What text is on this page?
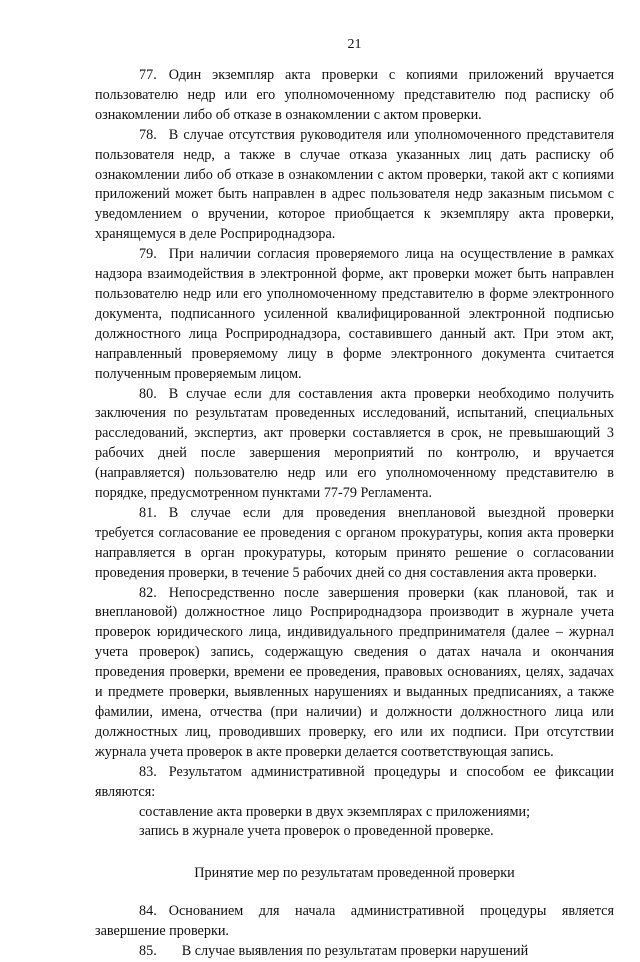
21

77. Один экземпляр акта проверки с копиями приложений вручается пользователю недр или его уполномоченному представителю под расписку об ознакомлении либо об отказе в ознакомлении с актом проверки.

78. В случае отсутствия руководителя или уполномоченного представителя пользователя недр, а также в случае отказа указанных лиц дать расписку об ознакомлении либо об отказе в ознакомлении с актом проверки, такой акт с копиями приложений может быть направлен в адрес пользователя недр заказным письмом с уведомлением о вручении, которое приобщается к экземпляру акта проверки, хранящемуся в деле Росприроднадзора.

79. При наличии согласия проверяемого лица на осуществление в рамках надзора взаимодействия в электронной форме, акт проверки может быть направлен пользователю недр или его уполномоченному представителю в форме электронного документа, подписанного усиленной квалифицированной электронной подписью должностного лица Росприроднадзора, составившего данный акт. При этом акт, направленный проверяемому лицу в форме электронного документа считается полученным проверяемым лицом.

80. В случае если для составления акта проверки необходимо получить заключения по результатам проведенных исследований, испытаний, специальных расследований, экспертиз, акт проверки составляется в срок, не превышающий 3 рабочих дней после завершения мероприятий по контролю, и вручается (направляется) пользователю недр или его уполномоченному представителю в порядке, предусмотренном пунктами 77-79 Регламента.

81. В случае если для проведения внеплановой выездной проверки требуется согласование ее проведения с органом прокуратуры, копия акта проверки направляется в орган прокуратуры, которым принято решение о согласовании проведения проверки, в течение 5 рабочих дней со дня составления акта проверки.

82. Непосредственно после завершения проверки (как плановой, так и внеплановой) должностное лицо Росприроднадзора производит в журнале учета проверок юридического лица, индивидуального предпринимателя (далее – журнал учета проверок) запись, содержащую сведения о датах начала и окончания проведения проверки, времени ее проведения, правовых основаниях, целях, задачах и предмете проверки, выявленных нарушениях и выданных предписаниях, а также фамилии, имена, отчества (при наличии) и должности должностного лица или должностных лиц, проводивших проверку, его или их подписи. При отсутствии журнала учета проверок в акте проверки делается соответствующая запись.

83. Результатом административной процедуры и способом ее фиксации являются:

составление акта проверки в двух экземплярах с приложениями;

запись в журнале учета проверок о проведенной проверке.

Принятие мер по результатам проведенной проверки

84. Основанием для начала административной процедуры является завершение проверки.

85. В случае выявления по результатам проверки нарушений
